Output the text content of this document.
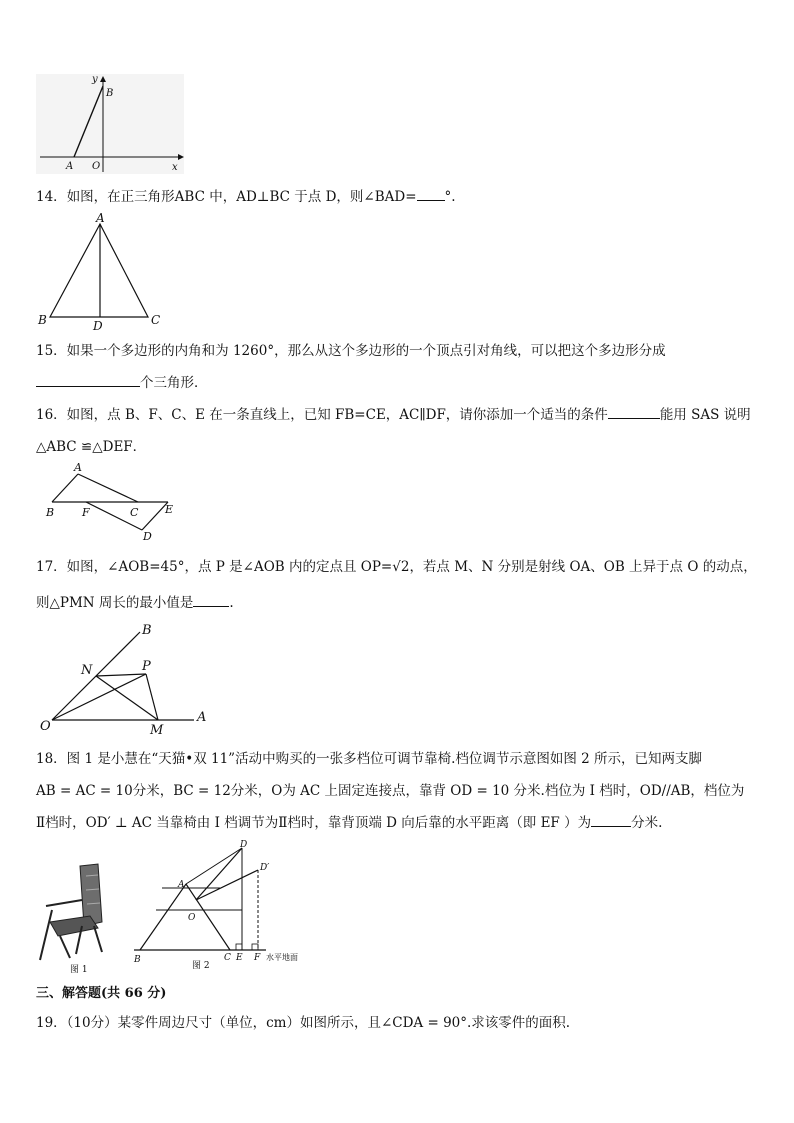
y
B
A O	x
14．如图，在正三角形ABC 中，AD⊥BC 于点 D，则∠BAD= °.
A
B	C
D
15．如果一个多边形的内角和为 1260°，那么从这个多边形的一个顶点引对角线，可以把这个多边形分成
个三角形．
16．如图，点 B、F、C、E 在一条直线上，已知 FB=CE，AC∥DF，请你添加一个适当的条件	能用 SAS 说明
△ABC ≌△DEF．
A
B	F	C E
D
17．如图，∠AOB=45°，点 P 是∠AOB 内的定点且 OP=√2，若点 M、N 分别是射线 OA、OB 上异于点 O 的动点，
则△PMN 周长的最小值是	.
B
N	P
O	M
A
18．图 1 是小慧在“天猫•双 11”活动中购买的一张多档位可调节靠椅.档位调节示意图如图 2 所示，已知两支脚
AB = AC = 10分米，BC = 12分米，O为 AC 上固定连接点，靠背 OD = 10 分米.档位为 Ⅰ 档时，OD//AB，档位为
Ⅱ档时，OD′ ⊥ AC 当靠椅由 Ⅰ 档调节为Ⅱ档时，靠背顶端 D 向后靠的水平距离（即 EF ）为	分米.
图 1
A
O
D
D′
B	C E F 水平地面
图 2
三、解答题(共 66 分)
19．（10分）某零件周边尺寸（单位，cm）如图所示，且∠CDA = 90°.求该零件的面积.
